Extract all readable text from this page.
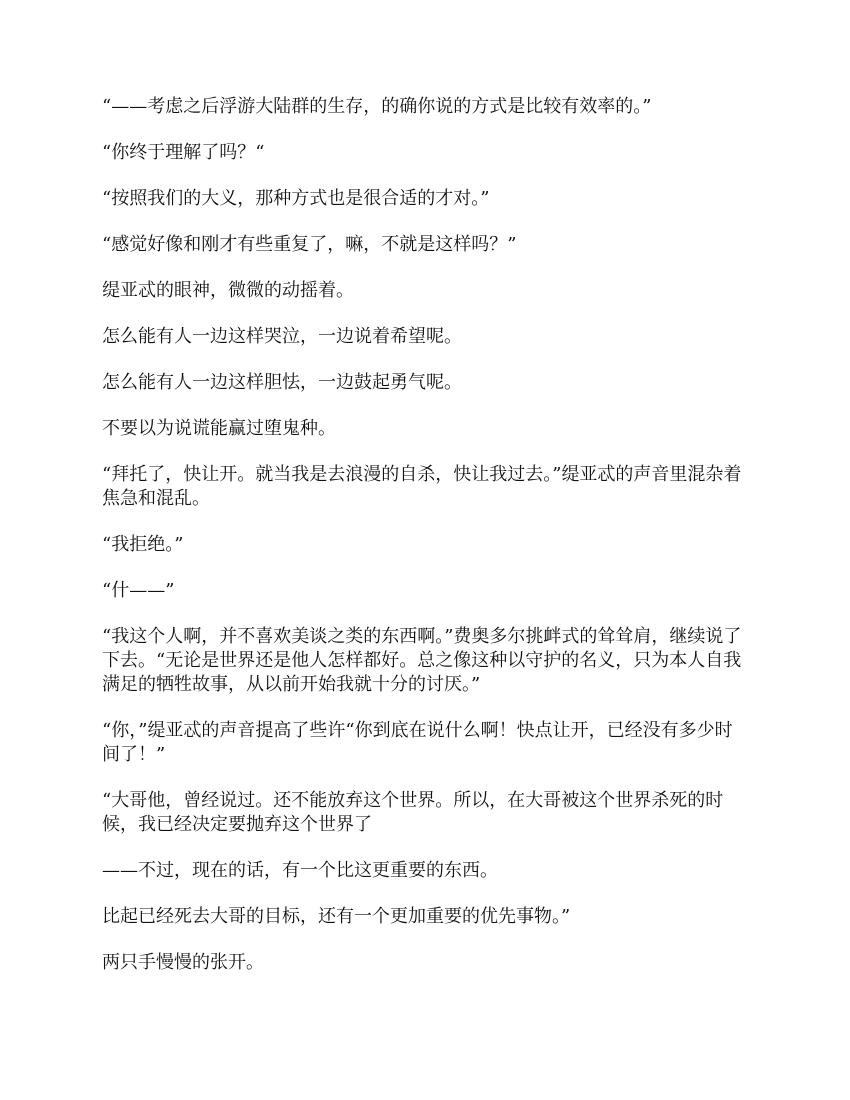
“——考虑之后浮游大陆群的生存，的确你说的方式是比较有效率的。”

“你终于理解了吗？“

“按照我们的大义，那种方式也是很合适的才对。”

“感觉好像和刚才有些重复了，嘛，不就是这样吗？”

缇亚忒的眼神，微微的动摇着。

怎么能有人一边这样哭泣，一边说着希望呢。

怎么能有人一边这样胆怯，一边鼓起勇气呢。

不要以为说谎能赢过堕鬼种。

“拜托了，快让开。就当我是去浪漫的自杀，快让我过去。”缇亚忒的声音里混杂着焦急和混乱。

“我拒绝。”

“什——”

“我这个人啊，并不喜欢美谈之类的东西啊。”费奥多尔挑衅式的耸耸肩，继续说了下去。“无论是世界还是他人怎样都好。总之像这种以守护的名义，只为本人自我满足的牺牲故事，从以前开始我就十分的讨厌。”

“你，”缇亚忒的声音提高了些许“你到底在说什么啊！快点让开，已经没有多少时间了！”

“大哥他，曾经说过。还不能放弃这个世界。所以，在大哥被这个世界杀死的时候，我已经决定要抛弃这个世界了

——不过，现在的话，有一个比这更重要的东西。

比起已经死去大哥的目标，还有一个更加重要的优先事物。”

两只手慢慢的张开。
